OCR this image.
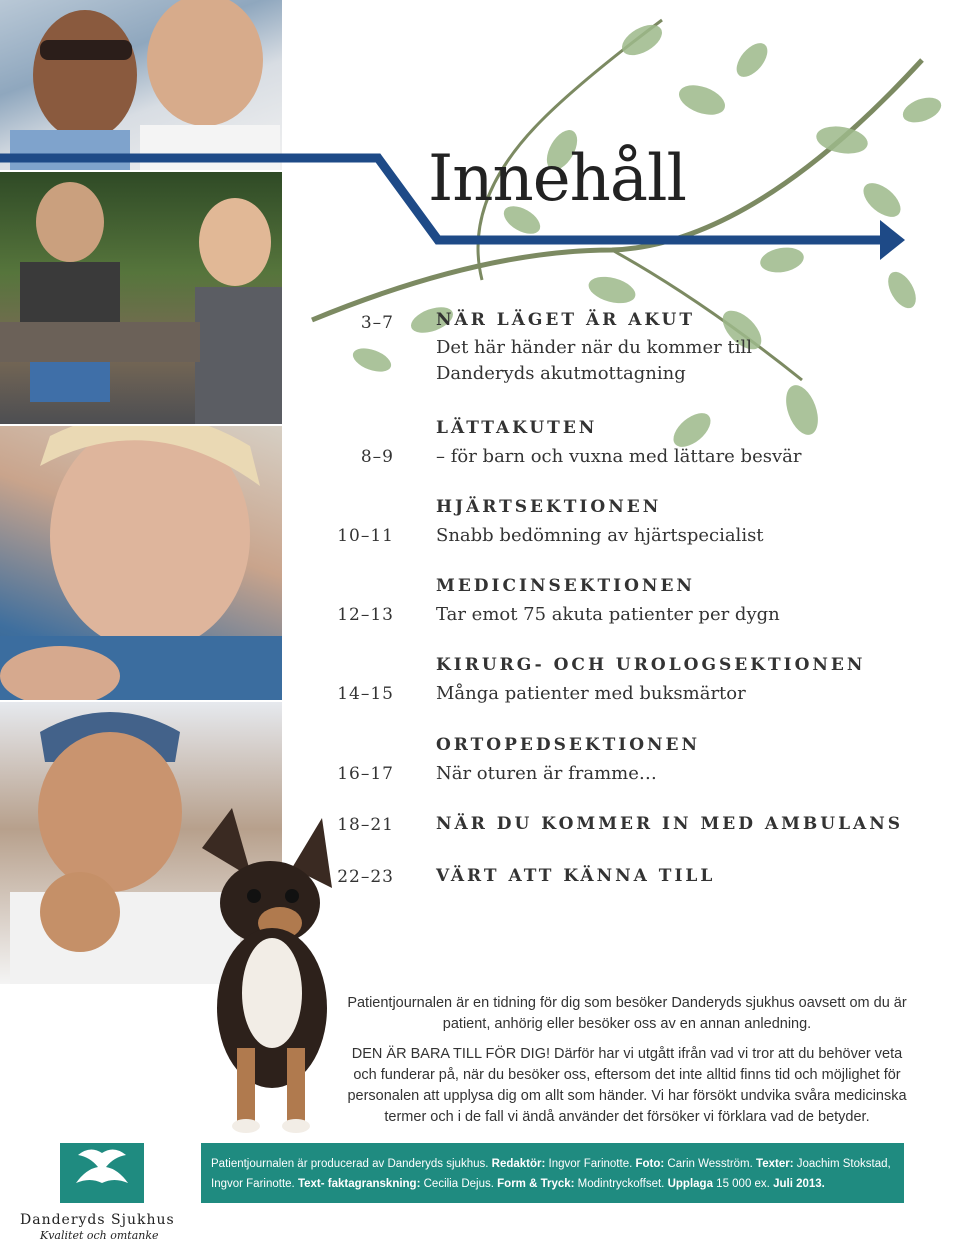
Innehåll
3–7 NÄR LÄGET ÄR AKUT
Det här händer när du kommer till
Danderyds akutmottagning
LÄTTAKUTEN
8–9 – för barn och vuxna med lättare besvär
HJÄRTSEKTIONEN
10–11 Snabb bedömning av hjärtspecialist
MEDICINSEKTIONEN
12–13 Tar emot 75 akuta patienter per dygn
KIRURG- OCH UROLOGSEKTIONEN
14–15 Många patienter med buksmärtor
ORTOPEDSEKTIONEN
16–17 När oturen är framme…
18–21 NÄR DU KOMMER IN MED AMBULANS
22–23 VÄRT ATT KÄNNA TILL

Patientjournalen är en tidning för dig som besöker Danderyds sjukhus oavsett om du är patient, anhörig eller besöker oss av en annan anledning.

DEN ÄR BARA TILL FÖR DIG! Därför har vi utgått ifrån vad vi tror att du behöver veta och funderar på, när du besöker oss, eftersom det inte alltid finns tid och möjlighet för personalen att upplysa dig om allt som händer. Vi har försökt undvika svåra medicinska termer och i de fall vi ändå använder det försöker vi förklara vad de betyder.

Danderyds Sjukhus
Kvalitet och omtanke
Patientjournalen är producerad av Danderyds sjukhus. Redaktör: Ingvor Farinotte. Foto: Carin Wesström. Texter: Joachim Stokstad, Ingvor Farinotte. Text- faktagranskning: Cecilia Dejus. Form & Tryck: Modintryckoffset. Upplaga 15 000 ex. Juli 2013.
